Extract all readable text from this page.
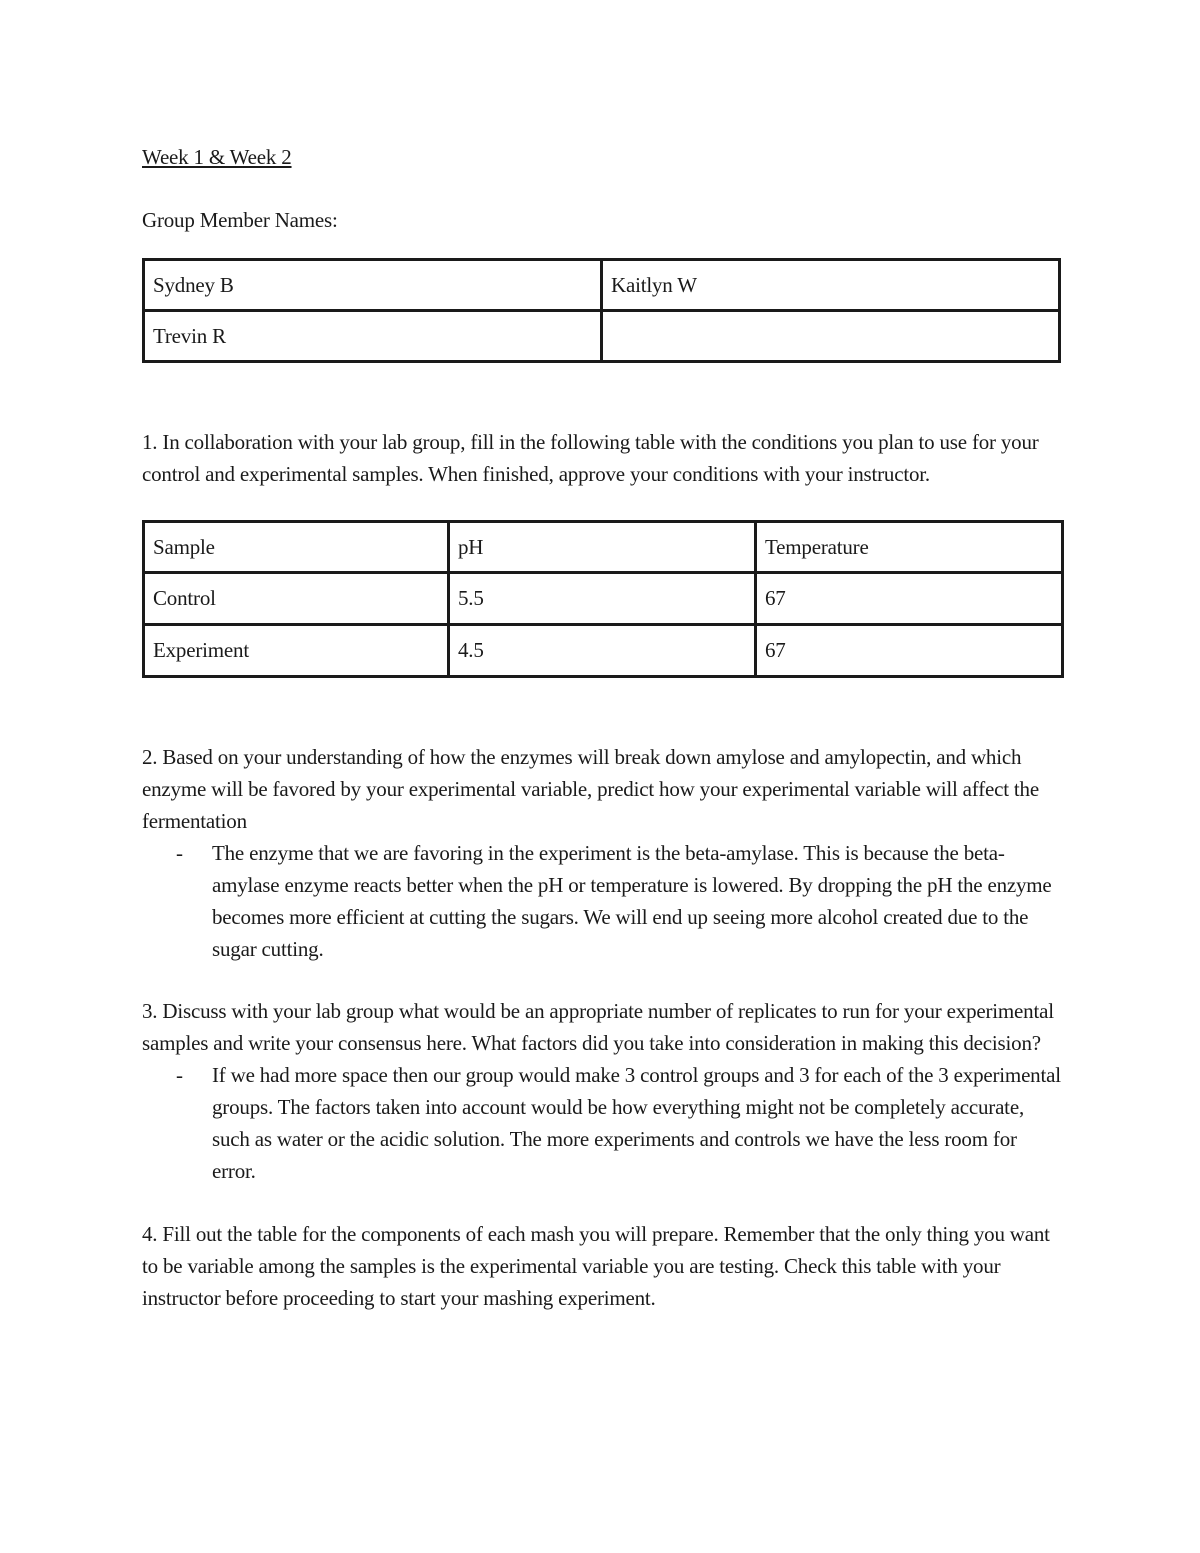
Week 1 & Week 2

Group Member Names:

Sydney B	Kaitlyn W
Trevin R	

1. In collaboration with your lab group, fill in the following table with the conditions you plan to use for your control and experimental samples. When finished, approve your conditions with your instructor.

Sample	pH	Temperature
Control	5.5	67
Experiment	4.5	67

2. Based on your understanding of how the enzymes will break down amylose and amylopectin, and which enzyme will be favored by your experimental variable, predict how your experimental variable will affect the fermentation

- The enzyme that we are favoring in the experiment is the beta-amylase. This is because the beta-amylase enzyme reacts better when the pH or temperature is lowered. By dropping the pH the enzyme becomes more efficient at cutting the sugars. We will end up seeing more alcohol created due to the sugar cutting.

3. Discuss with your lab group what would be an appropriate number of replicates to run for your experimental samples and write your consensus here. What factors did you take into consideration in making this decision?

- If we had more space then our group would make 3 control groups and 3 for each of the 3 experimental groups. The factors taken into account would be how everything might not be completely accurate, such as water or the acidic solution. The more experiments and controls we have the less room for error.

4. Fill out the table for the components of each mash you will prepare. Remember that the only thing you want to be variable among the samples is the experimental variable you are testing. Check this table with your instructor before proceeding to start your mashing experiment.
